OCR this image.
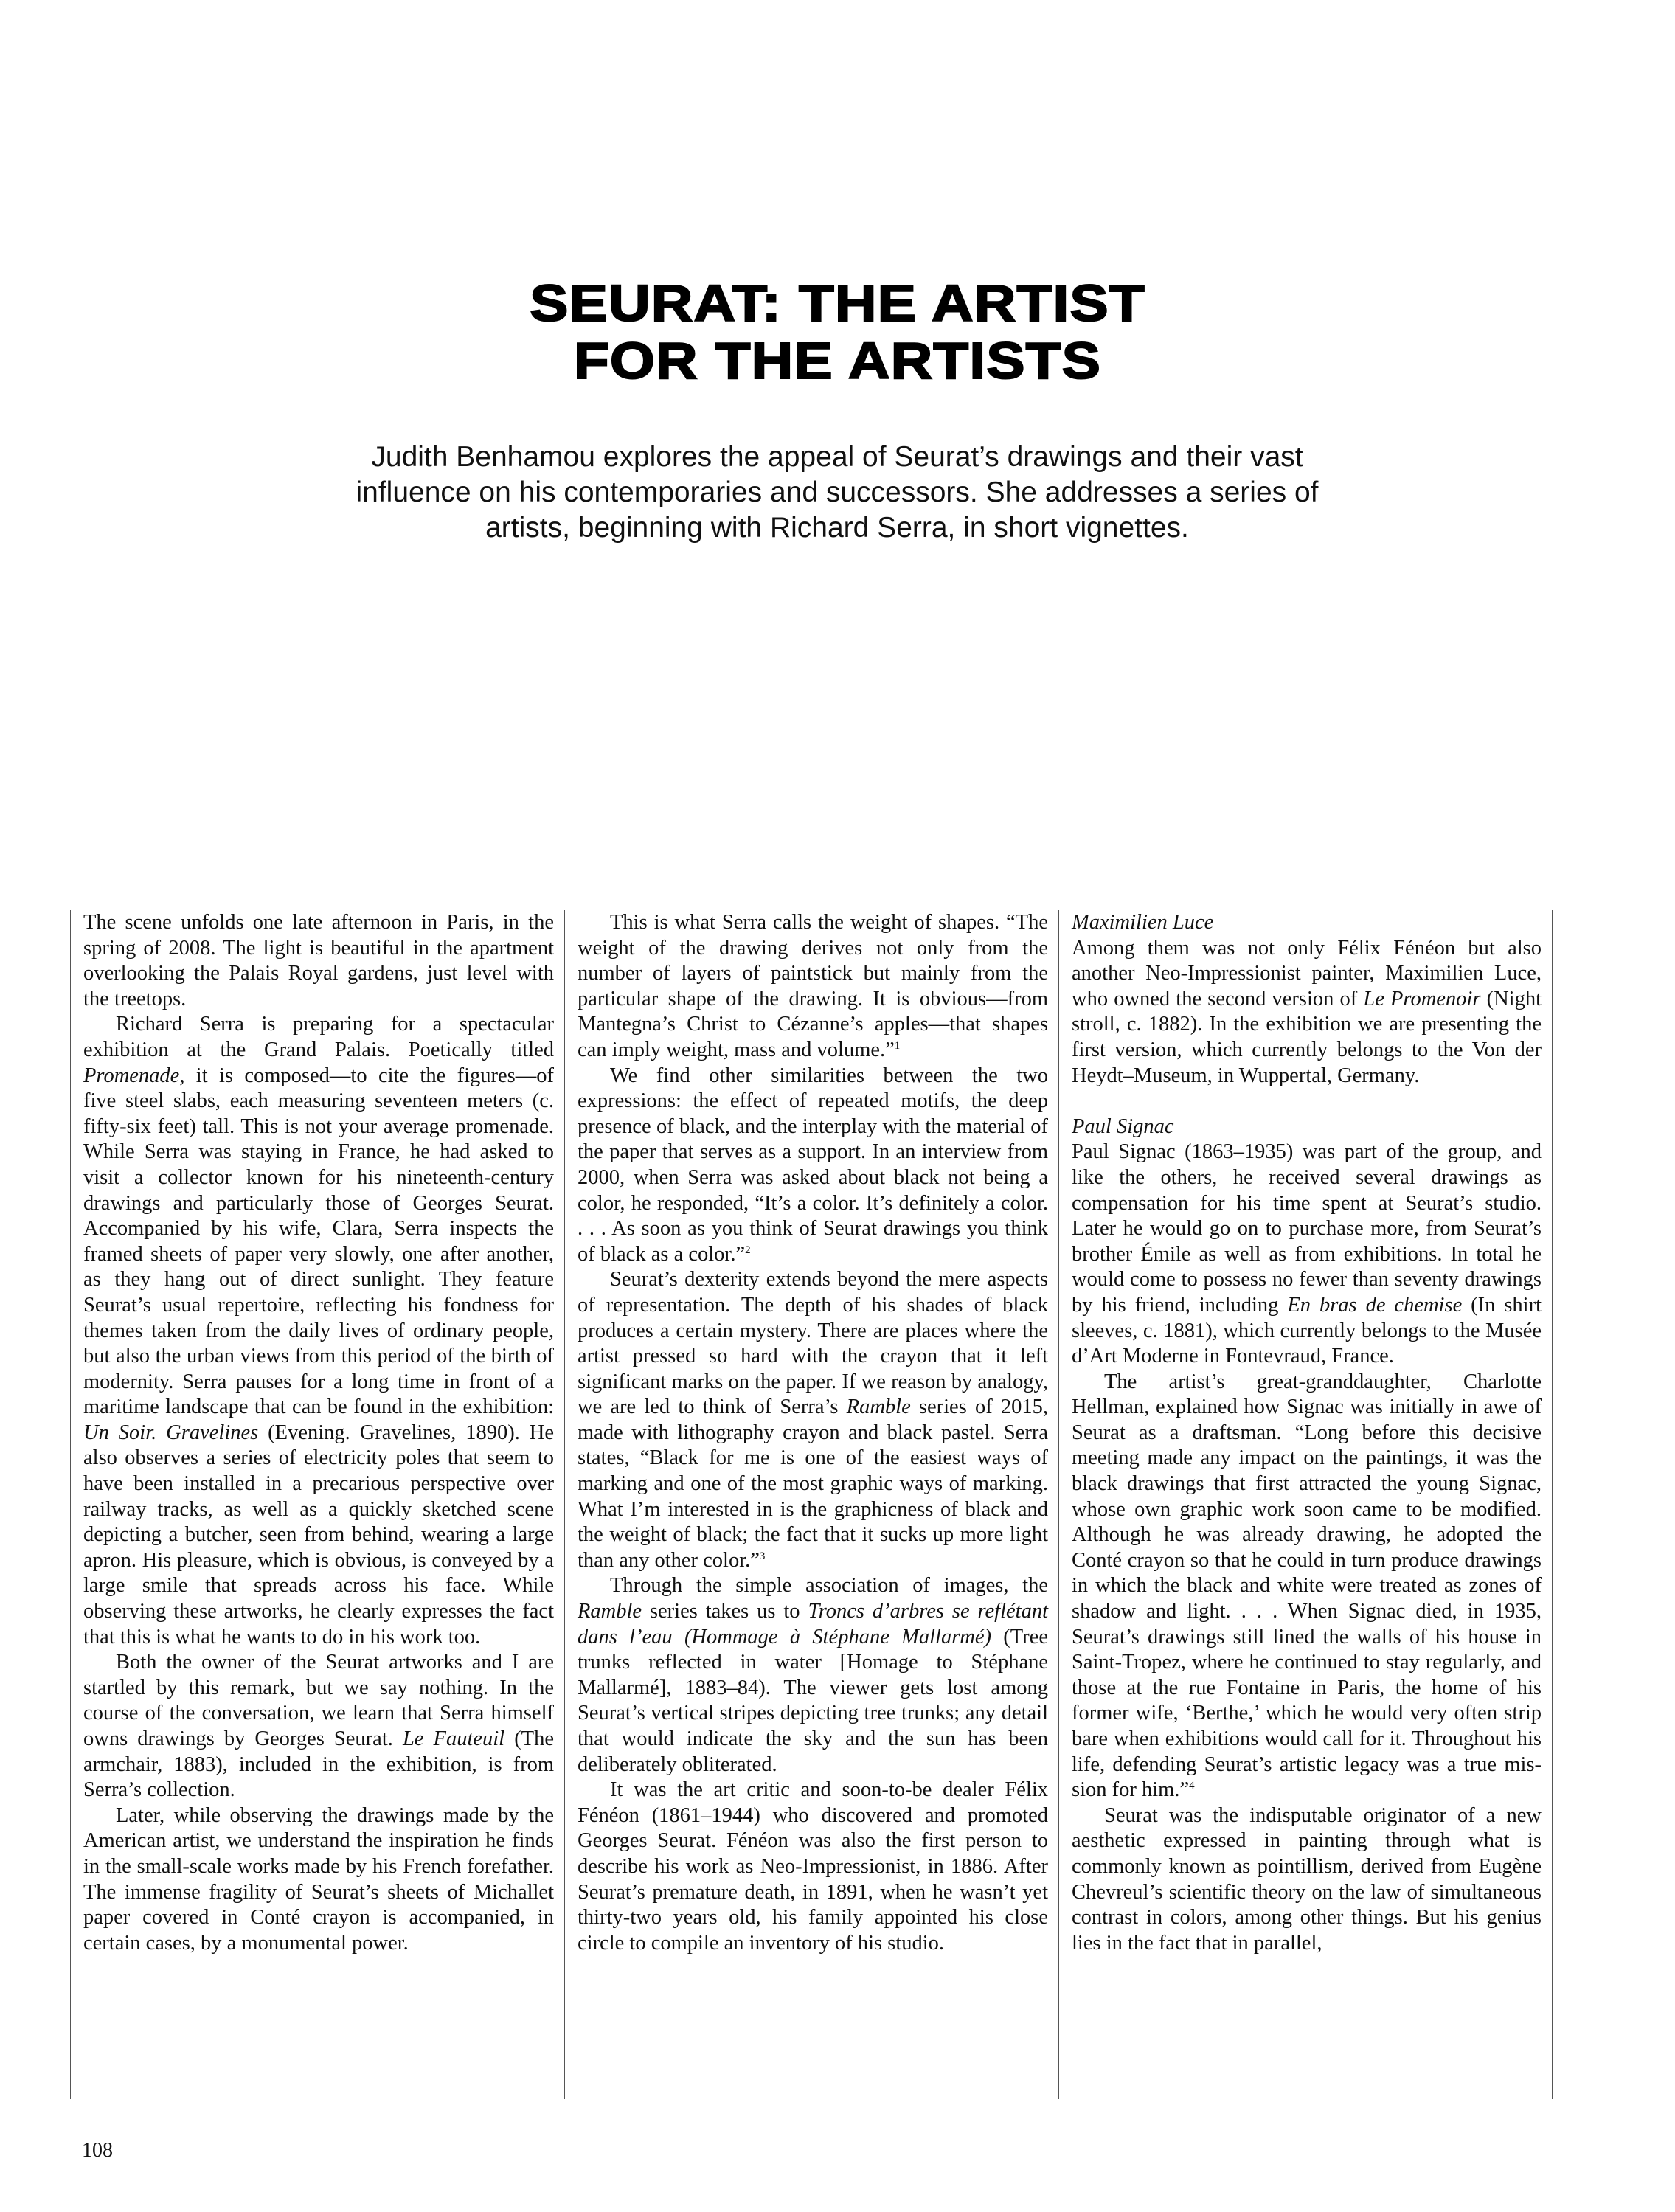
SEURAT: THE ARTIST
FOR THE ARTISTS

Judith Benhamou explores the appeal of Seurat’s drawings and their vast influence on his contemporaries and successors. She addresses a series of artists, beginning with Richard Serra, in short vignettes.

The scene unfolds one late afternoon in Paris, in the spring of 2008. The light is beautiful in the apartment overlooking the Palais Royal gardens, just level with the treetops.

Richard Serra is preparing for a spectacular exhibition at the Grand Palais. Poetically titled Promenade, it is composed—to cite the figures—of five steel slabs, each measuring seventeen meters (c. fifty-six feet) tall. This is not your average promenade. While Serra was staying in France, he had asked to visit a collector known for his nineteenth-century drawings and particularly those of Georges Seurat. Accompanied by his wife, Clara, Serra inspects the framed sheets of paper very slowly, one after another, as they hang out of direct sunlight. They feature Seurat’s usual repertoire, reflecting his fondness for themes taken from the daily lives of ordinary people, but also the urban views from this period of the birth of modernity. Serra pauses for a long time in front of a maritime landscape that can be found in the exhibition: Un Soir. Gravelines (Evening. Gravelines, 1890). He also observes a series of electricity poles that seem to have been installed in a precarious perspective over railway tracks, as well as a quickly sketched scene depicting a butcher, seen from behind, wearing a large apron. His pleasure, which is obvious, is conveyed by a large smile that spreads across his face. While observing these artworks, he clearly expresses the fact that this is what he wants to do in his work too.

Both the owner of the Seurat artworks and I are startled by this remark, but we say nothing. In the course of the conversation, we learn that Serra himself owns drawings by Georges Seurat. Le Fauteuil (The armchair, 1883), included in the exhibition, is from Serra’s collection.

Later, while observing the drawings made by the American artist, we understand the inspiration he finds in the small-scale works made by his French forefather. The immense fragility of Seurat’s sheets of Michallet paper covered in Conté crayon is accompanied, in certain cases, by a monumental power.

This is what Serra calls the weight of shapes. “The weight of the drawing derives not only from the number of layers of paintstick but mainly from the particular shape of the drawing. It is obvious—from Mantegna’s Christ to Cézanne’s apples—that shapes can imply weight, mass and volume.”$^1$

We find other similarities between the two expressions: the effect of repeated motifs, the deep presence of black, and the interplay with the material of the paper that serves as a support. In an interview from 2000, when Serra was asked about black not being a color, he responded, “It’s a color. It’s definitely a color. . . . As soon as you think of Seurat drawings you think of black as a color.”$^2$

Seurat’s dexterity extends beyond the mere aspects of representation. The depth of his shades of black produces a certain mystery. There are places where the artist pressed so hard with the crayon that it left significant marks on the paper. If we reason by analogy, we are led to think of Serra’s Ramble series of 2015, made with lithography crayon and black pastel. Serra states, “Black for me is one of the easiest ways of marking and one of the most graphic ways of marking. What I’m interested in is the graphicness of black and the weight of black; the fact that it sucks up more light than any other color.”$^3$

Through the simple association of images, the Ramble series takes us to Troncs d’arbres se reflétant dans l’eau (Hommage à Stéphane Mallarmé) (Tree trunks reflected in water [Homage to Stéphane Mallarmé], 1883–84). The viewer gets lost among Seurat’s vertical stripes depicting tree trunks; any detail that would indicate the sky and the sun has been deliberately obliterated.

It was the art critic and soon-to-be dealer Félix Fénéon (1861–1944) who discovered and promoted Georges Seurat. Fénéon was also the first person to describe his work as Neo-Impressionist, in 1886. After Seurat’s premature death, in 1891, when he wasn’t yet thirty-two years old, his family appointed his close circle to compile an inventory of his studio.

Maximilien Luce

Among them was not only Félix Fénéon but also another Neo-Impressionist painter, Maximilien Luce, who owned the second version of Le Promenoir (Night stroll, c. 1882). In the exhibition we are presenting the first version, which currently belongs to the Von der Heydt–Museum, in Wuppertal, Germany.

Paul Signac

Paul Signac (1863–1935) was part of the group, and like the others, he received several drawings as compensation for his time spent at Seurat’s studio. Later he would go on to purchase more, from Seurat’s brother Émile as well as from exhibitions. In total he would come to possess no fewer than seventy drawings by his friend, including En bras de chemise (In shirt sleeves, c. 1881), which currently belongs to the Musée d’Art Moderne in Fontevraud, France.

The artist’s great-granddaughter, Charlotte Hellman, explained how Signac was initially in awe of Seurat as a draftsman. “Long before this decisive meeting made any impact on the paintings, it was the black drawings that first attracted the young Signac, whose own graphic work soon came to be modified. Although he was already drawing, he adopted the Conté crayon so that he could in turn produce drawings in which the black and white were treated as zones of shadow and light. . . . When Signac died, in 1935, Seurat’s drawings still lined the walls of his house in Saint-Tropez, where he continued to stay regularly, and those at the rue Fontaine in Paris, the home of his former wife, ‘Berthe,’ which he would very often strip bare when exhibitions would call for it. Throughout his life, defending Seurat’s artistic legacy was a true mission for him.”$^4$

Seurat was the indisputable originator of a new aesthetic expressed in painting through what is commonly known as pointillism, derived from Eugène Chevreul’s scientific theory on the law of simultaneous contrast in colors, among other things. But his genius lies in the fact that in parallel,

108
